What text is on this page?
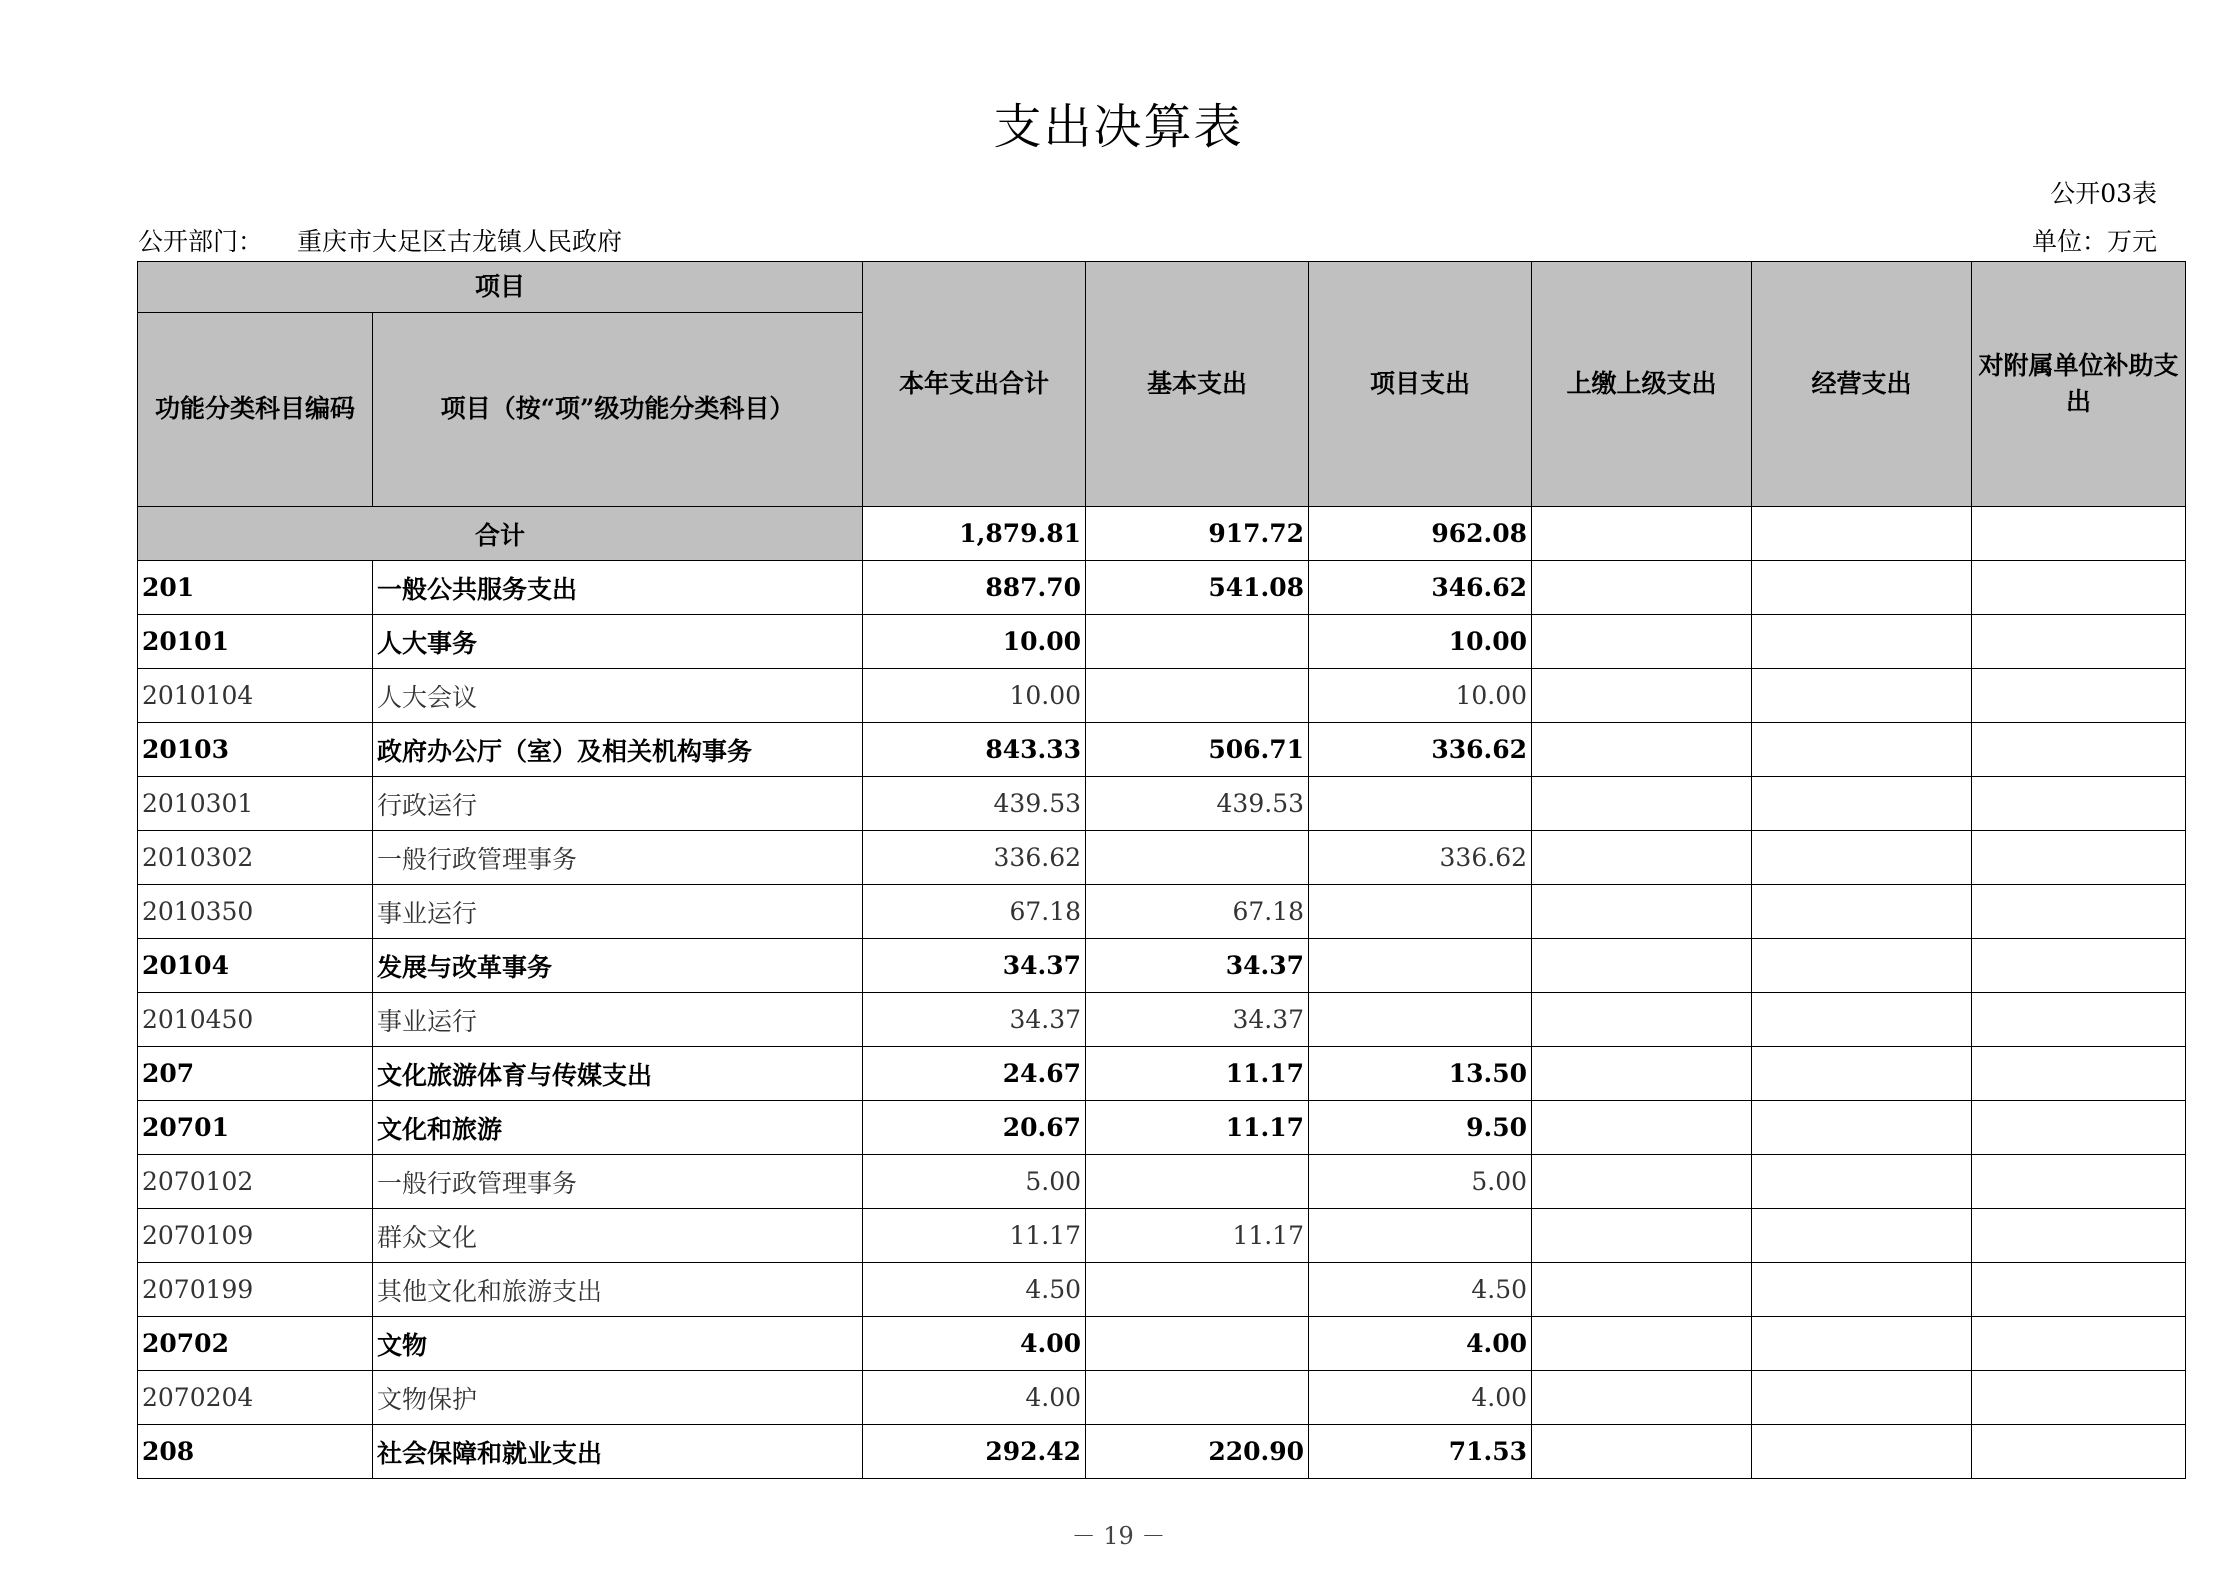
支出决算表
公开03表
公开部门： 重庆市大足区古龙镇人民政府	单位：万元
项目		本年支出合计	基本支出	项目支出	上缴上级支出	经营支出	对附属单位补助支出
功能分类科目编码	项目（按“项”级功能分类科目）						
合计		1,879.81	917.72	962.08			
201	一般公共服务支出	887.70	541.08	346.62			
20101	人大事务	10.00		10.00			
2010104	人大会议	10.00		10.00			
20103	政府办公厅（室）及相关机构事务	843.33	506.71	336.62			
2010301	行政运行	439.53	439.53				
2010302	一般行政管理事务	336.62		336.62			
2010350	事业运行	67.18	67.18				
20104	发展与改革事务	34.37	34.37				
2010450	事业运行	34.37	34.37				
207	文化旅游体育与传媒支出	24.67	11.17	13.50			
20701	文化和旅游	20.67	11.17	9.50			
2070102	一般行政管理事务	5.00		5.00			
2070109	群众文化	11.17	11.17				
2070199	其他文化和旅游支出	4.50		4.50			
20702	文物	4.00		4.00			
2070204	文物保护	4.00		4.00			
208	社会保障和就业支出	292.42	220.90	71.53			
－ 19 －
